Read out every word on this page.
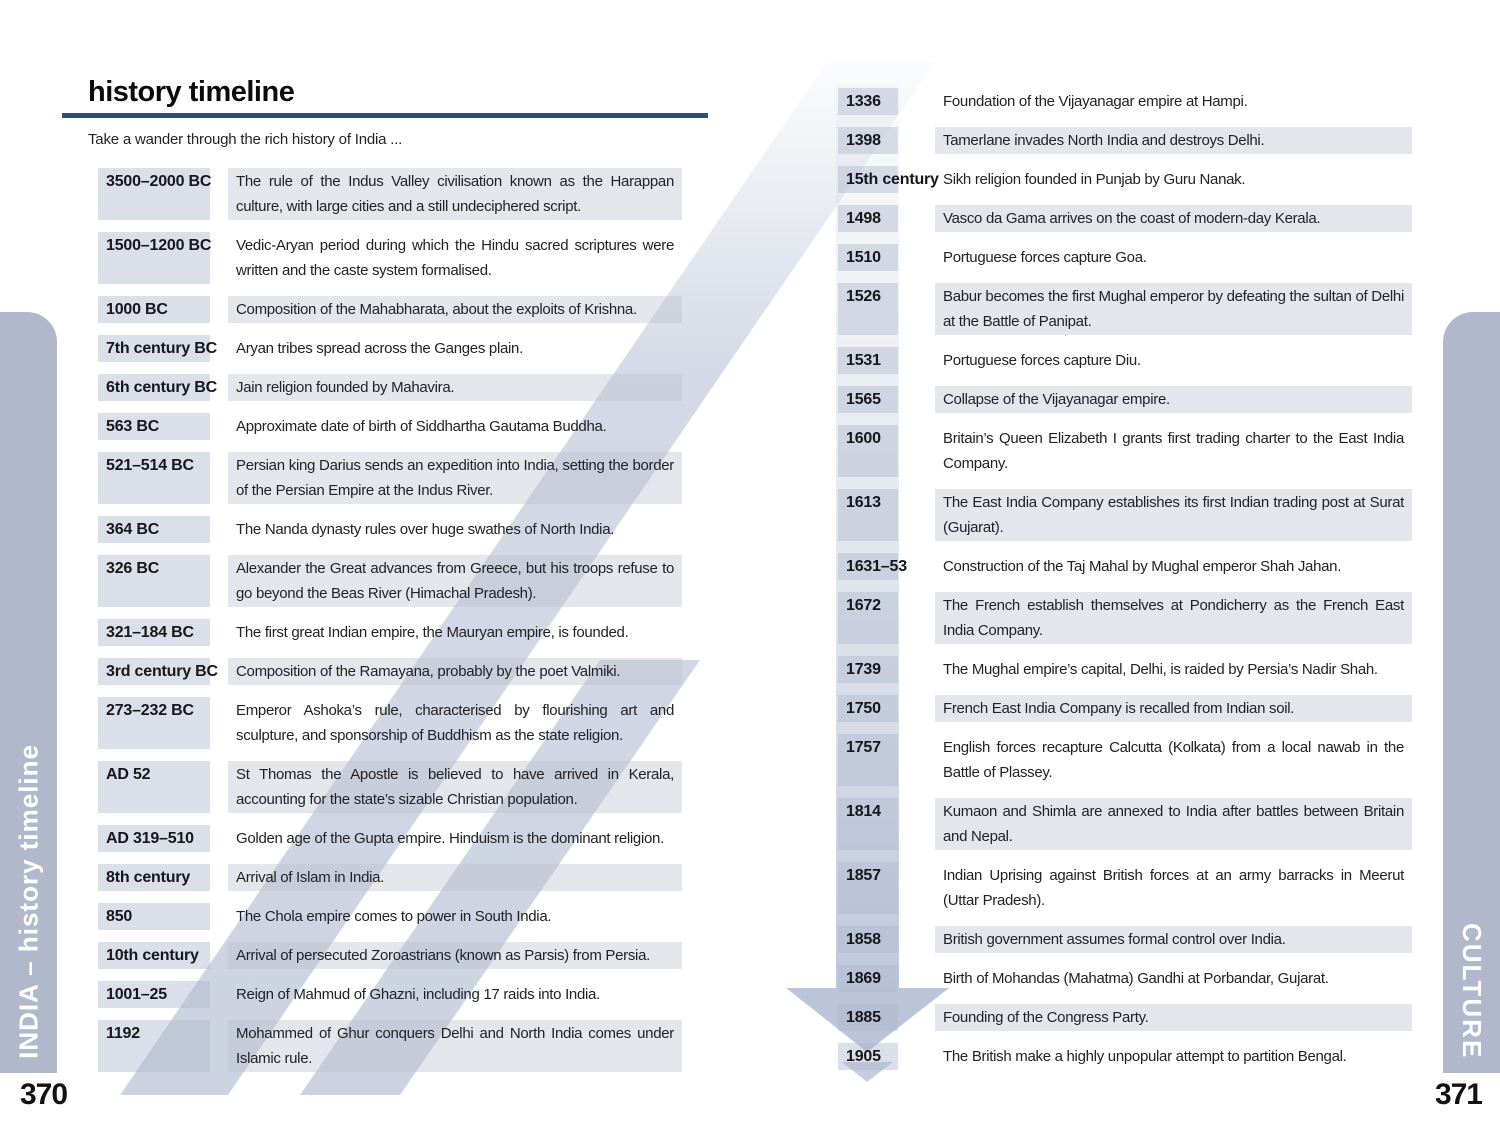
history timeline

Take a wander through the rich history of India ...

3500–2000 BC	The rule of the Indus Valley civilisation known as the Harappan culture, with large cities and a still undeciphered script.
1500–1200 BC	Vedic-Aryan period during which the Hindu sacred scriptures were written and the caste system formalised.
1000 BC	Composition of the Mahabharata, about the exploits of Krishna.
7th century BC	Aryan tribes spread across the Ganges plain.
6th century BC	Jain religion founded by Mahavira.
563 BC	Approximate date of birth of Siddhartha Gautama Buddha.
521–514 BC	Persian king Darius sends an expedition into India, setting the border of the Persian Empire at the Indus River.
364 BC	The Nanda dynasty rules over huge swathes of North India.
326 BC	Alexander the Great advances from Greece, but his troops refuse to go beyond the Beas River (Himachal Pradesh).
321–184 BC	The first great Indian empire, the Mauryan empire, is founded.
3rd century BC	Composition of the Ramayana, probably by the poet Valmiki.
273–232 BC	Emperor Ashoka’s rule, characterised by flourishing art and sculpture, and sponsorship of Buddhism as the state religion.
AD 52	St Thomas the Apostle is believed to have arrived in Kerala, accounting for the state’s sizable Christian population.
AD 319–510	Golden age of the Gupta empire. Hinduism is the dominant religion.
8th century	Arrival of Islam in India.
850	The Chola empire comes to power in South India.
10th century	Arrival of persecuted Zoroastrians (known as Parsis) from Persia.
1001–25	Reign of Mahmud of Ghazni, including 17 raids into India.
1192	Mohammed of Ghur conquers Delhi and North India comes under Islamic rule.
1336	Foundation of the Vijayanagar empire at Hampi.
1398	Tamerlane invades North India and destroys Delhi.
15th century Sikh religion founded in Punjab by Guru Nanak.
1498	Vasco da Gama arrives on the coast of modern-day Kerala.
1510	Portuguese forces capture Goa.
1526	Babur becomes the first Mughal emperor by defeating the sultan of Delhi at the Battle of Panipat.
1531	Portuguese forces capture Diu.
1565	Collapse of the Vijayanagar empire.
1600	Britain’s Queen Elizabeth I grants first trading charter to the East India Company.
1613	The East India Company establishes its first Indian trading post at Surat (Gujarat).
1631–53	Construction of the Taj Mahal by Mughal emperor Shah Jahan.
1672	The French establish themselves at Pondicherry as the French East India Company.
1739	The Mughal empire’s capital, Delhi, is raided by Persia’s Nadir Shah.
1750	French East India Company is recalled from Indian soil.
1757	English forces recapture Calcutta (Kolkata) from a local nawab in the Battle of Plassey.
1814	Kumaon and Shimla are annexed to India after battles between Britain and Nepal.
1857	Indian Uprising against British forces at an army barracks in Meerut (Uttar Pradesh).
1858	British government assumes formal control over India.
1869	Birth of Mohandas (Mahatma) Gandhi at Porbandar, Gujarat.
1885	Founding of the Congress Party.
1905	The British make a highly unpopular attempt to partition Bengal.
INDIA – history timeline	CULTURE
370	371
